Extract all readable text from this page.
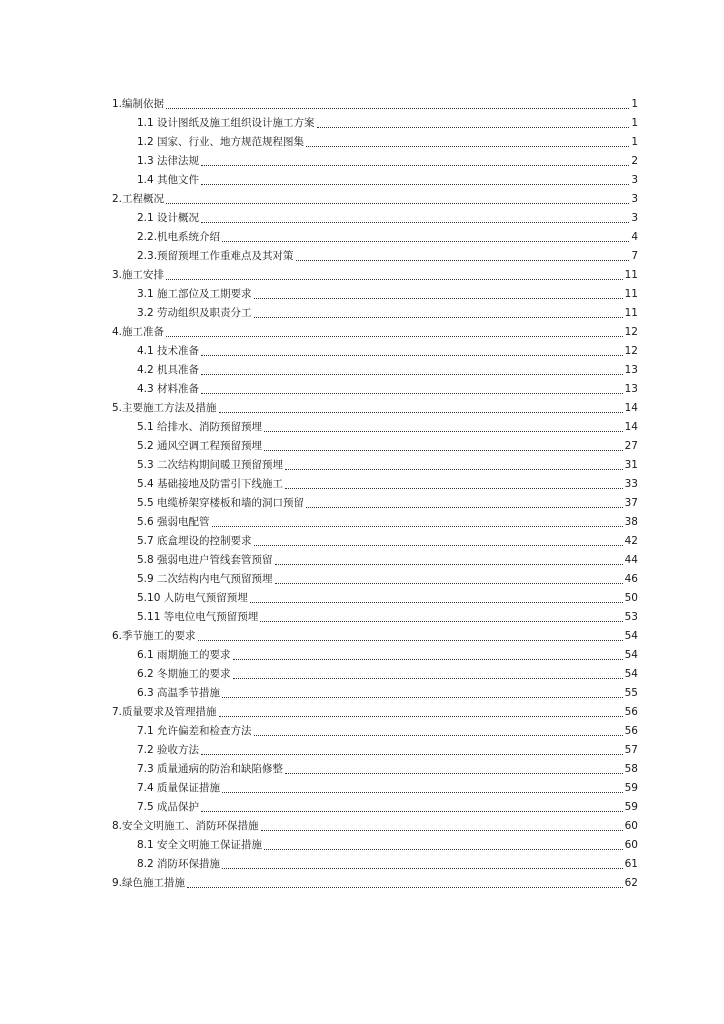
1.编制依据	1
1.1 设计图纸及施工组织设计施工方案	1
1.2 国家、行业、地方规范规程图集	1
1.3 法律法规	2
1.4 其他文件	3
2.工程概况	3
2.1 设计概况	3
2.2.机电系统介绍	4
2.3.预留预埋工作重难点及其对策	7
3.施工安排	11
3.1 施工部位及工期要求	11
3.2 劳动组织及职责分工	11
4.施工准备	12
4.1 技术准备	12
4.2 机具准备	13
4.3 材料准备	13
5.主要施工方法及措施	14
5.1 给排水、消防预留预埋	14
5.2 通风空调工程预留预埋	27
5.3 二次结构期间暖卫预留预埋	31
5.4 基础接地及防雷引下线施工	33
5.5 电缆桥架穿楼板和墙的洞口预留	37
5.6 强弱电配管	38
5.7 底盒埋设的控制要求	42
5.8 强弱电进户管线套管预留	44
5.9 二次结构内电气预留预埋	46
5.10 人防电气预留预埋	50
5.11 等电位电气预留预埋	53
6.季节施工的要求	54
6.1 雨期施工的要求	54
6.2 冬期施工的要求	54
6.3 高温季节措施	55
7.质量要求及管理措施	56
7.1 允许偏差和检查方法	56
7.2 验收方法	57
7.3 质量通病的防治和缺陷修整	58
7.4 质量保证措施	59
7.5 成品保护	59
8.安全文明施工、消防环保措施	60
8.1 安全文明施工保证措施	60
8.2 消防环保措施	61
9.绿色施工措施	62
